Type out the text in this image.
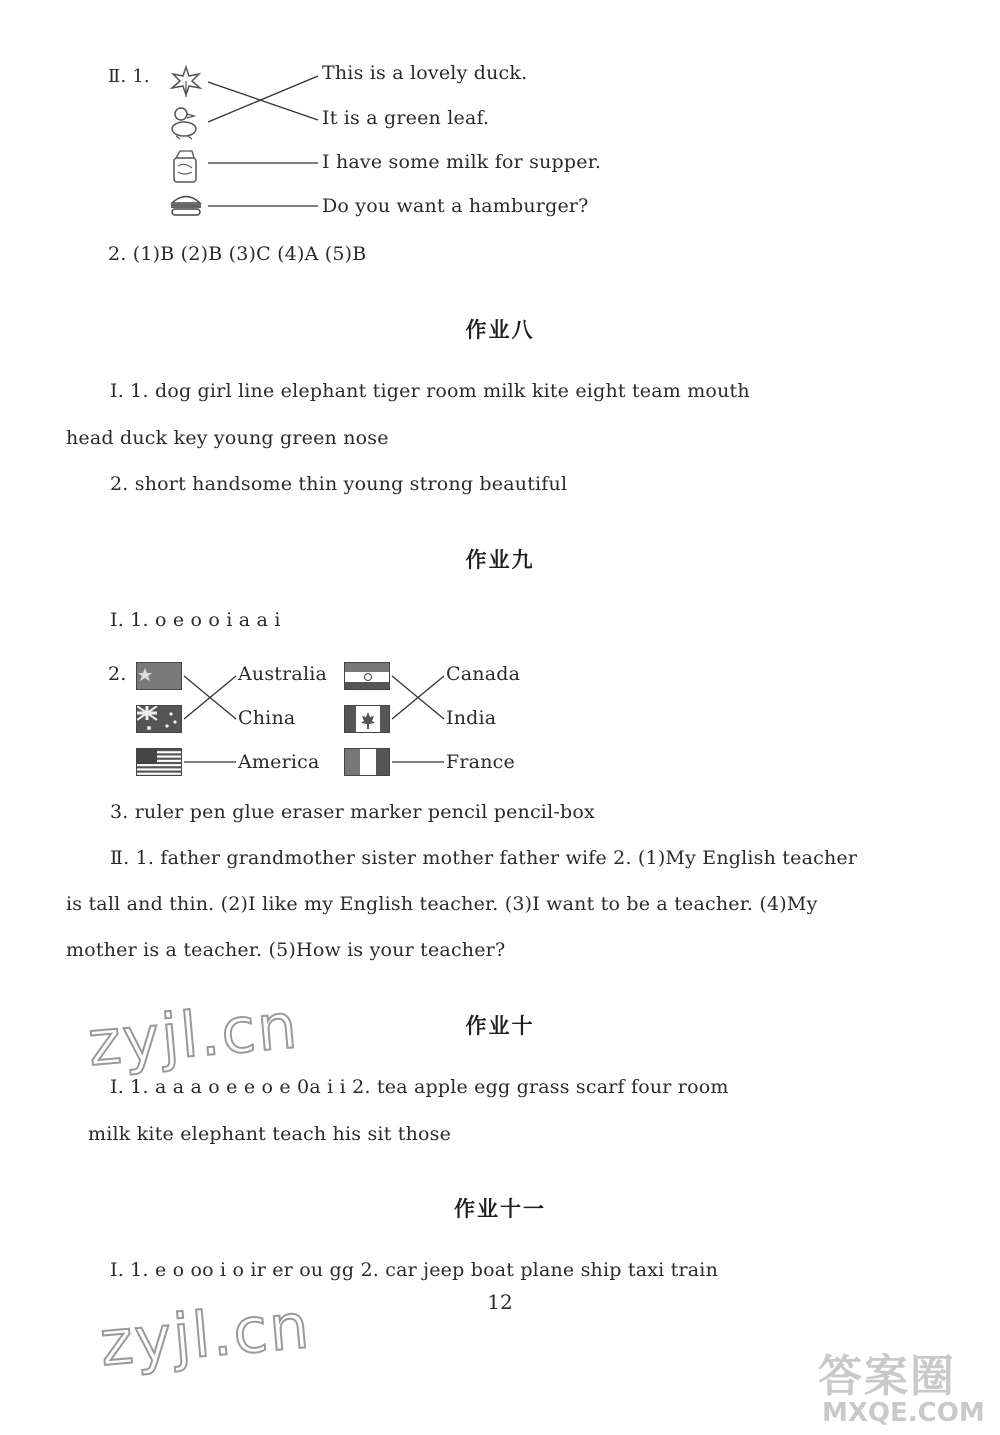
Ⅱ. 1.	This is a lovely duck.
It is a green leaf.
I have some milk for supper.
Do you want a hamburger?
2. (1)B (2)B (3)C (4)A (5)B
作业八
Ⅰ. 1. dog girl line elephant tiger room milk kite eight team mouth
head duck key young green nose
2. short handsome thin young strong beautiful
作业九
Ⅰ. 1. o e o o i a a i
2.	Australia
China
America
Canada
India
France
3. ruler pen glue eraser marker pencil pencil-box
Ⅱ. 1. father grandmother sister mother father wife 2. (1)My English teacher
is tall and thin. (2)I like my English teacher. (3)I want to be a teacher. (4)My
mother is a teacher. (5)How is your teacher?
zyjl.cn	作业十
Ⅰ. 1. a a a o e e o e 0a i i 2. tea apple egg grass scarf four room
milk kite elephant teach his sit those
作业十一
Ⅰ. 1. e o oo i o ir er ou gg 2. car jeep boat plane ship taxi train
zyjl.cn	12
答案圈
MXQE.COM
